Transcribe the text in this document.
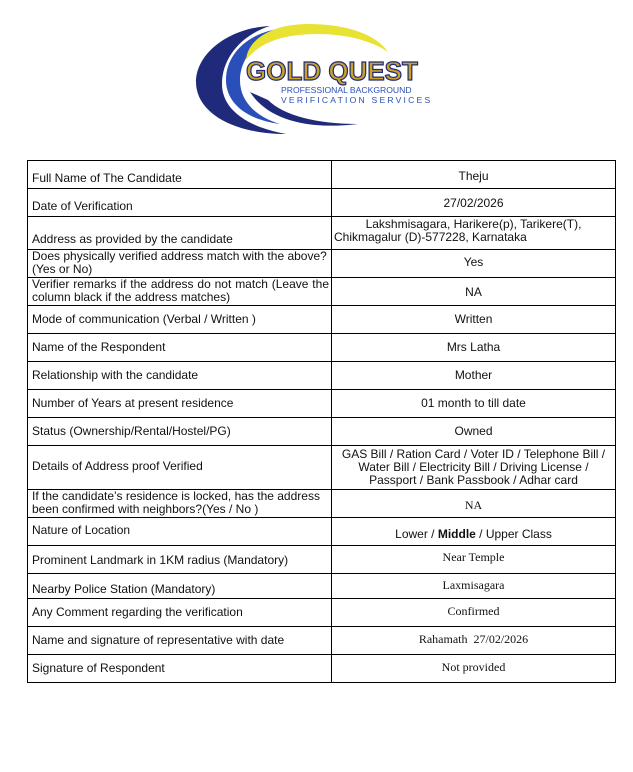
GOLD QUEST
PROFESSIONAL BACKGROUND
VERIFICATION SERVICES
Full Name of The Candidate	Theju
Date of Verification	27/02/2026
Address as provided by the candidate	Lakshmisagara, Harikere(p), Tarikere(T), Chikmagalur (D)-577228, Karnataka
Does physically verified address match with the above? (Yes or No)	Yes
Verifier remarks if the address do not match (Leave the column black if the address matches)	NA
Mode of communication (Verbal / Written )	Written
Name of the Respondent	Mrs Latha
Relationship with the candidate	Mother
Number of Years at present residence	01 month to till date
Status (Ownership/Rental/Hostel/PG)	Owned
Details of Address proof Verified	GAS Bill / Ration Card / Voter ID / Telephone Bill / Water Bill / Electricity Bill / Driving License / Passport / Bank Passbook / Adhar card
If the candidate’s residence is locked, has the address been confirmed with neighbors?(Yes / No )	NA
Nature of Location	Lower / Middle / Upper Class
Prominent Landmark in 1KM radius (Mandatory)	Near Temple
Nearby Police Station (Mandatory)	Laxmisagara
Any Comment regarding the verification	Confirmed
Name and signature of representative with date	Rahamath  27/02/2026
Signature of Respondent	Not provided
